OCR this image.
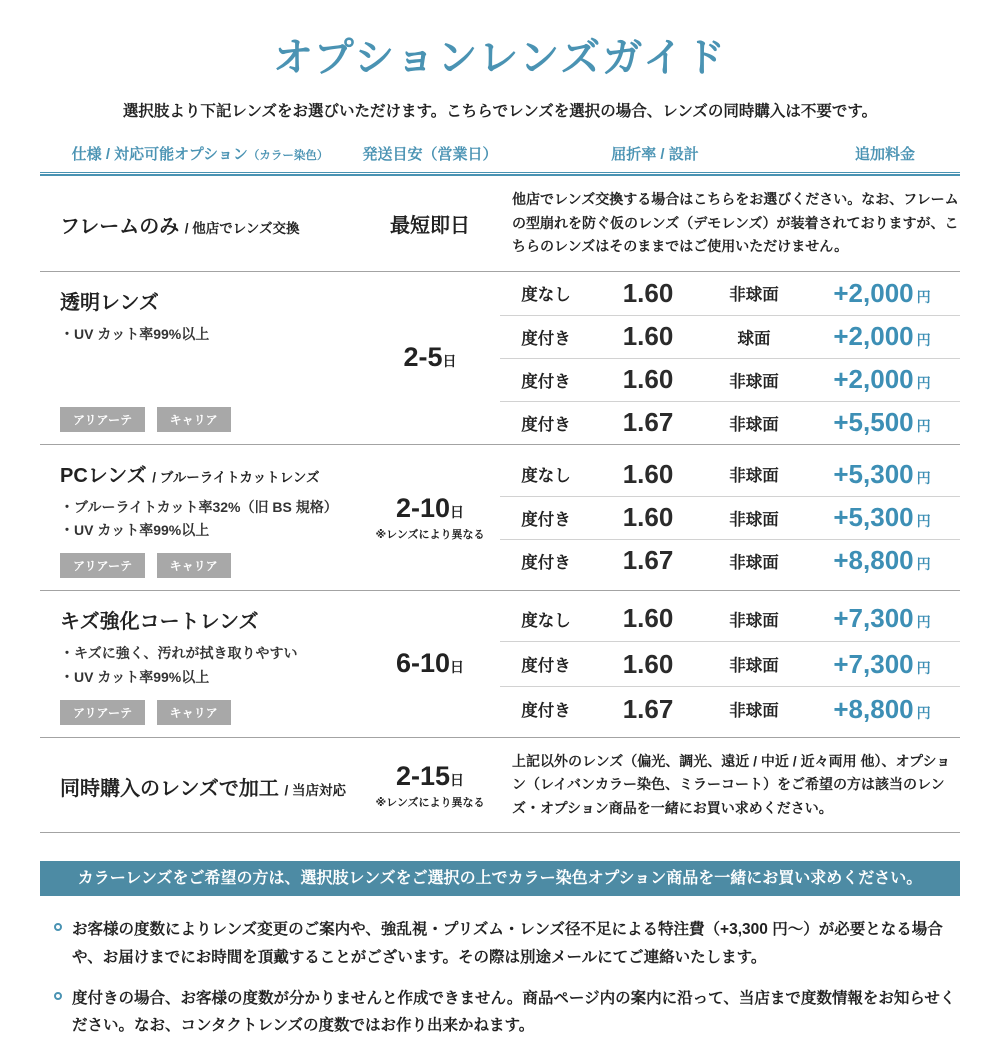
オプションレンズガイド

選択肢より下記レンズをお選びいただけます。こちらでレンズを選択の場合、レンズの同時購入は不要です。

仕様 / 対応可能オプション（カラー染色）	発送目安（営業日）	屈折率 / 設計	追加料金
フレームのみ / 他店でレンズ交換	最短即日

他店でレンズ交換する場合はこちらをお選びください。なお、フレームの型崩れを防ぐ仮のレンズ（デモレンズ）が装着されておりますが、こちらのレンズはそのままではご使用いただけません。

透明レンズ
・UV カット率99%以上
アリアーテ	キャリア
2-5日
度なし	1.60	非球面	+2,000 円
度付き	1.60	球面	+2,000 円
度付き	1.60	非球面	+2,000 円
度付き	1.67	非球面	+5,500 円
PCレンズ / ブルーライトカットレンズ
・ブルーライトカット率32%（旧 BS 規格）
・UV カット率99%以上
アリアーテ	キャリア
2-10日
※レンズにより異なる
度なし	1.60	非球面	+5,300 円
度付き	1.60	非球面	+5,300 円
度付き	1.67	非球面	+8,800 円
キズ強化コートレンズ
・キズに強く、汚れが拭き取りやすい
・UV カット率99%以上
アリアーテ	キャリア
6-10日
度なし	1.60	非球面	+7,300 円
度付き	1.60	非球面	+7,300 円
度付き	1.67	非球面	+8,800 円
同時購入のレンズで加工 / 当店対応	2-15日
※レンズにより異なる

上記以外のレンズ（偏光、調光、遠近 / 中近 / 近々両用 他）、オプション（レイバンカラー染色、ミラーコート）をご希望の方は該当のレンズ・オプション商品を一緒にお買い求めください。

カラーレンズをご希望の方は、選択肢レンズをご選択の上でカラー染色オプション商品を一緒にお買い求めください。

お客様の度数によりレンズ変更のご案内や、強乱視・プリズム・レンズ径不足による特注費（+3,300 円～）が必要となる場合や、お届けまでにお時間を頂戴することがございます。その際は別途メールにてご連絡いたします。

度付きの場合、お客様の度数が分かりませんと作成できません。商品ページ内の案内に沿って、当店まで度数情報をお知らせください。なお、コンタクトレンズの度数ではお作り出来かねます。
